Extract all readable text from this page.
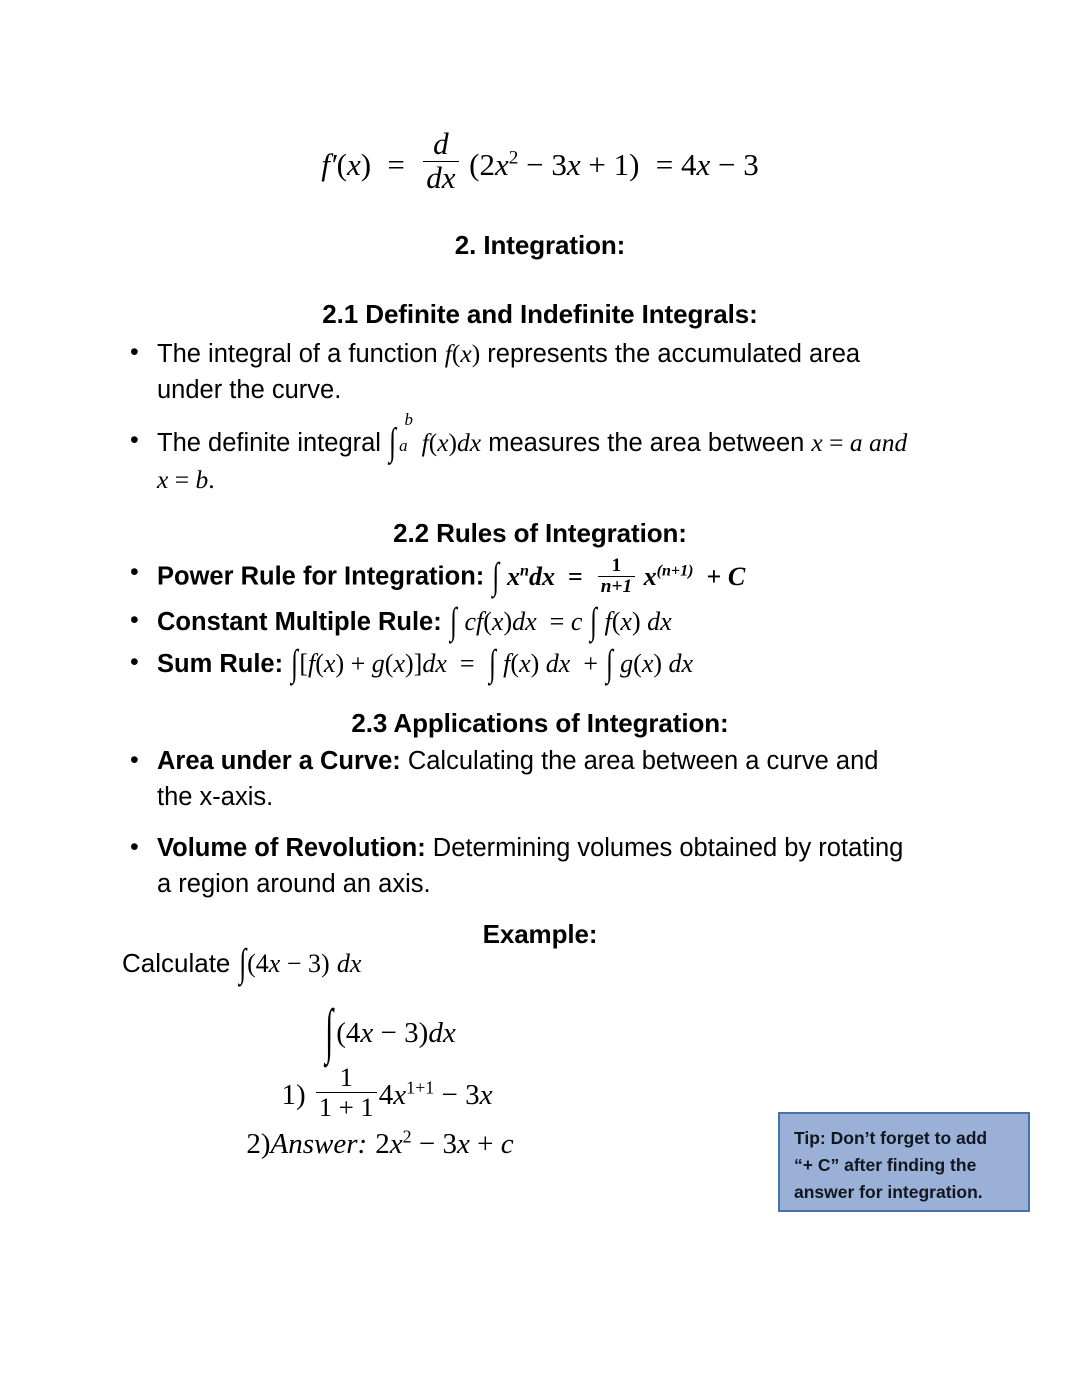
$f'(x) = \frac{d}{dx} (2x^2 - 3x + 1) = 4x - 3$
2. Integration:
2.1 Definite and Indefinite Integrals:
• The integral of a function f(x) represents the accumulated area under the curve.
• The definite integral ∫
b
a f(x)dx measures the area between x = a and x = b.
2.2 Rules of Integration:
• Power Rule for Integration: ∫ $x^ndx = \frac{1}{n+1} x^{(n+1)} + C$
• Constant Multiple Rule: ∫ cf(x)dx  = c ∫ f(x) dx
• Sum Rule: ∫[f(x) + g(x)]dx  =  ∫ f(x) dx  + ∫ g(x) dx
2.3 Applications of Integration:
• Area under a Curve: Calculating the area between a curve and the x-axis.
• Volume of Revolution: Determining volumes obtained by rotating a region around an axis.
Example:
Calculate ∫(4x − 3) dx
∫ (4x − 3)dx
$1) \frac{1}{1 + 1} 4x^{1+1} - 3x$
2)Answer: $2x^2 - 3x + c$	Tip: Don’t forget to add
“+ C” after finding the
answer for integration.
